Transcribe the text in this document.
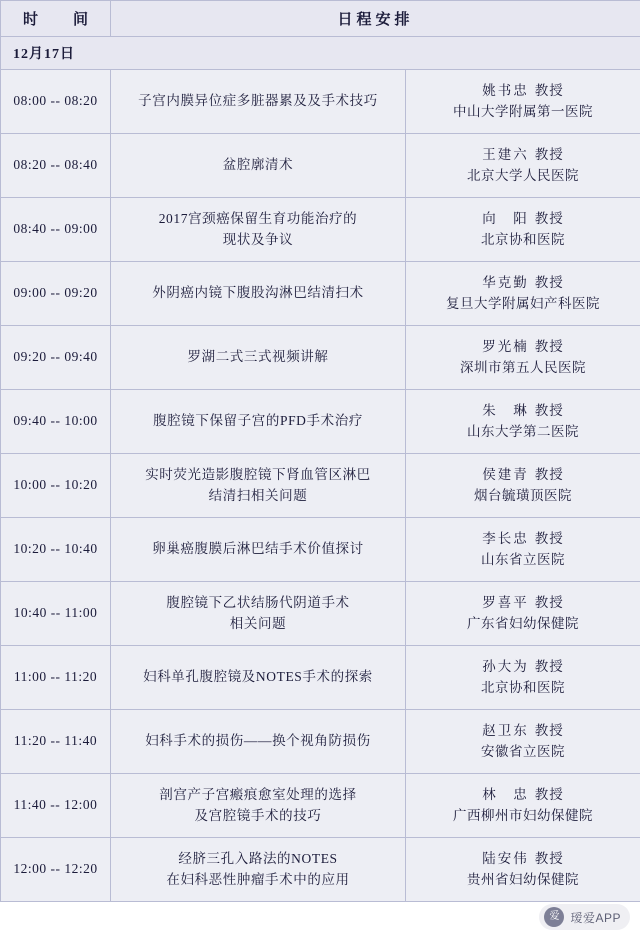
时　间	日程安排	
12月17日		
08:00 -- 08:20	子宫内膜异位症多脏器累及及手术技巧	姚书忠 教授
中山大学附属第一医院

08:20 -- 08:40	盆腔廓清术	王建六 教授
北京大学人民医院

08:40 -- 09:00	2017宫颈癌保留生育功能治疗的
现状及争议	向　阳 教授
北京协和医院

09:00 -- 09:20	外阴癌内镜下腹股沟淋巴结清扫术	华克勤 教授
复旦大学附属妇产科医院

09:20 -- 09:40	罗湖二式三式视频讲解	罗光楠 教授
深圳市第五人民医院

09:40 -- 10:00	腹腔镜下保留子宫的PFD手术治疗	朱　琳 教授
山东大学第二医院

10:00 -- 10:20	实时荧光造影腹腔镜下肾血管区淋巴
结清扫相关问题	侯建青 教授
烟台毓璜顶医院

10:20 -- 10:40	卵巢癌腹膜后淋巴结手术价值探讨	李长忠 教授
山东省立医院

10:40 -- 11:00	腹腔镜下乙状结肠代阴道手术
相关问题	罗喜平 教授
广东省妇幼保健院

11:00 -- 11:20	妇科单孔腹腔镜及NOTES手术的探索	孙大为 教授
北京协和医院

11:20 -- 11:40	妇科手术的损伤——换个视角防损伤	赵卫东 教授
安徽省立医院

11:40 -- 12:00	剖宫产子宫瘢痕愈室处理的选择
及宫腔镜手术的技巧	林　忠 教授
广西柳州市妇幼保健院

12:00 -- 12:20	经脐三孔入路法的NOTES
在妇科恶性肿瘤手术中的应用	陆安伟 教授
贵州省妇幼保健院
爱 瑷爱APP
